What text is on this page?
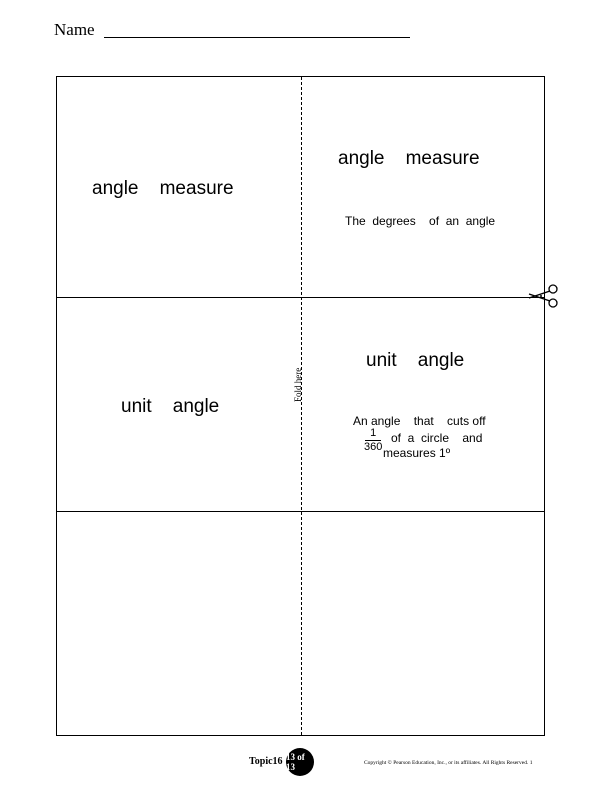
Name
angle    measure
angle    measure
The  degrees    of  an  angle
unit    angle
unit    angle
An angle    that    cuts off
1
360
of  a  circle    and
measures 1º
Fold here
Topic16 13 of 13	Copyright © Pearson Education, Inc., or its affiliates. All Rights Reserved. 1
